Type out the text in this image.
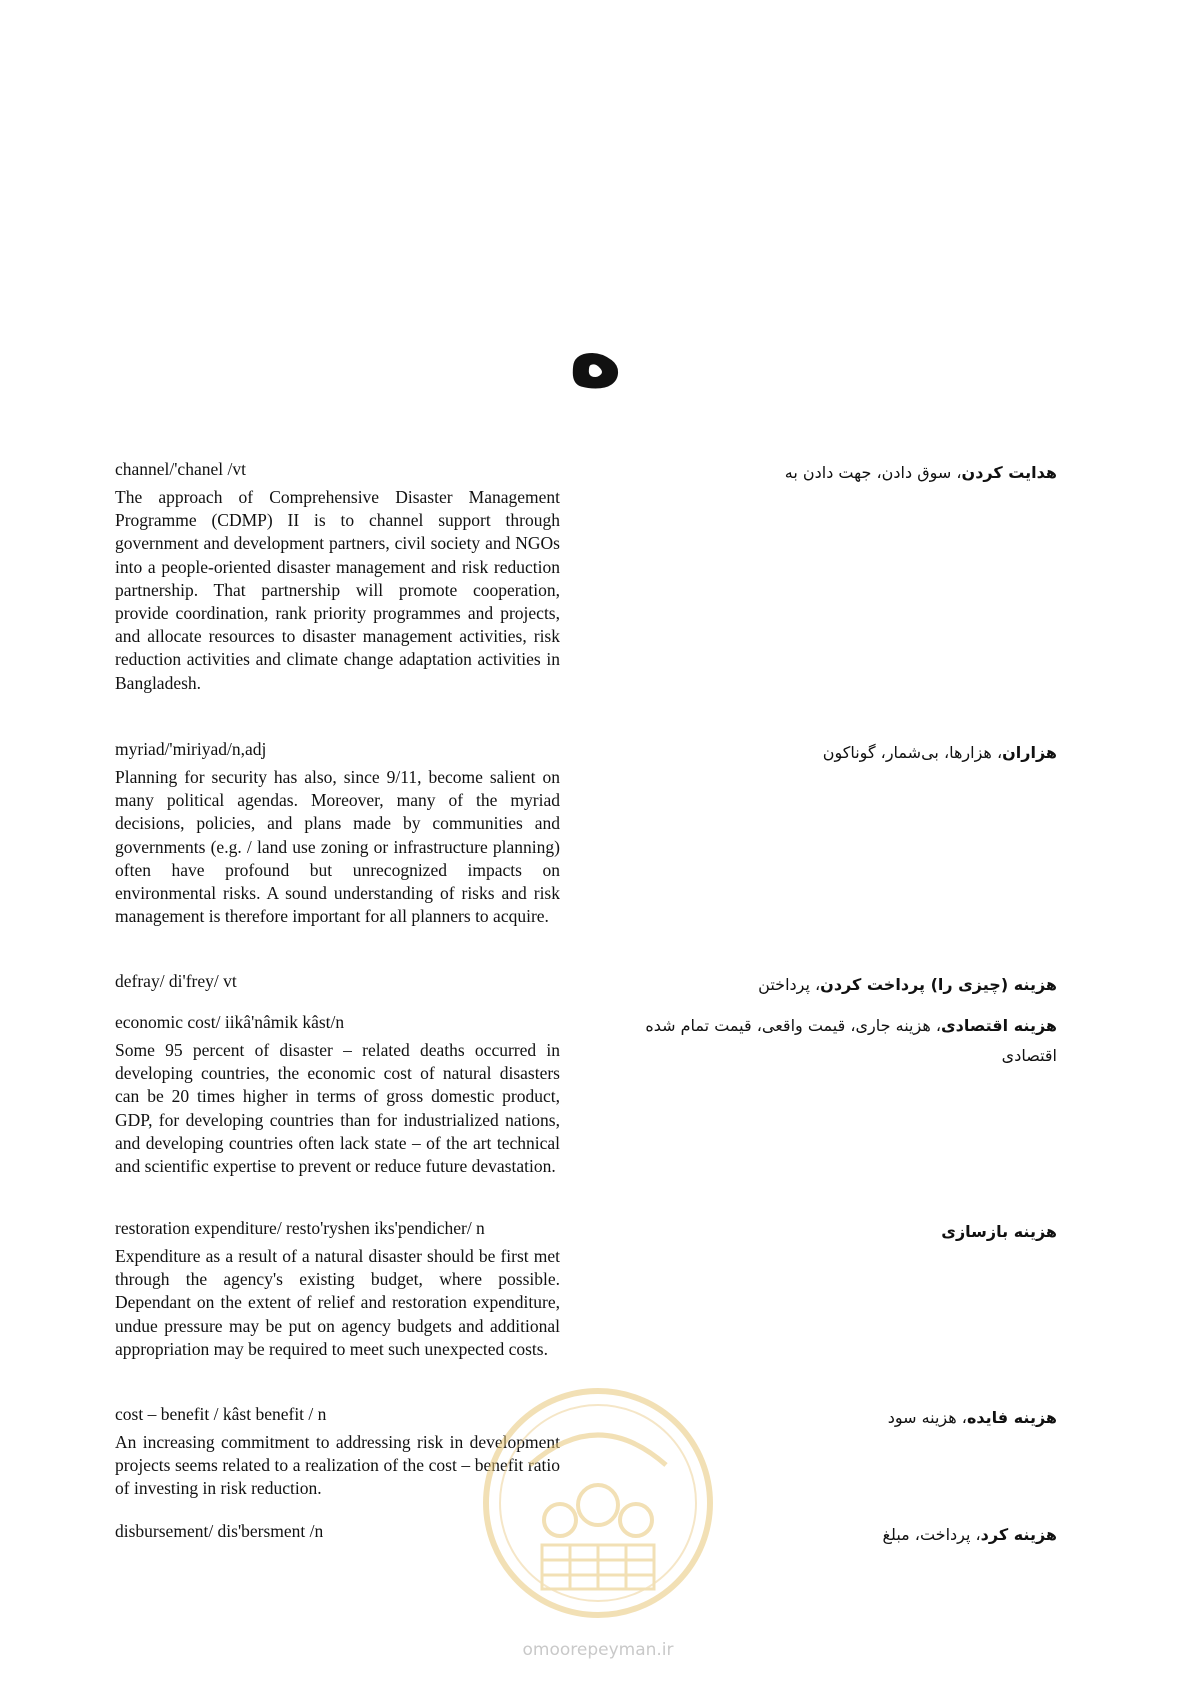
ه
channel/'chanel /vt
The approach of Comprehensive Disaster Management Programme (CDMP) II is to channel support through government and development partners, civil society and NGOs into a people-oriented disaster management and risk reduction partnership. That partnership will promote cooperation, provide coordination, rank priority programmes and projects, and allocate resources to disaster management activities, risk reduction activities and climate change adaptation activities in Bangladesh.
هدایت کردن، سوق دادن، جهت دادن به
myriad/'miriyad/n,adj
Planning for security has also, since 9/11, become salient on many political agendas. Moreover, many of the myriad decisions, policies, and plans made by communities and governments (e.g. / land use zoning or infrastructure planning) often have profound but unrecognized impacts on environmental risks. A sound understanding of risks and risk management is therefore important for all planners to acquire.
هزاران، هزارها، بی‌شمار، گوناکون
defray/ di'frey/ vt	هزینه (چیزی را) پرداخت کردن، پرداختن
economic cost/ iikâ'nâmik kâst/n
Some 95 percent of disaster – related deaths occurred in developing countries, the economic cost of natural disasters can be 20 times higher in terms of gross domestic product, GDP, for developing countries than for industrialized nations, and developing countries often lack state – of the art technical and scientific expertise to prevent or reduce future devastation.
هزینه اقتصادی، هزینه جاری، قیمت واقعی، قیمت تمام شده اقتصادی
restoration expenditure/ resto'ryshen iks'pendicher/ n
Expenditure as a result of a natural disaster should be first met through the agency's existing budget, where possible. Dependant on the extent of relief and restoration expenditure, undue pressure may be put on agency budgets and additional appropriation may be required to meet such unexpected costs.
هزینه بازسازی
cost – benefit / kâst benefit / n
An increasing commitment to addressing risk in development projects seems related to a realization of the cost – benefit ratio of investing in risk reduction.
هزینه فایده، هزینه سود
disbursement/ dis'bersment /n	هزینه کرد، پرداخت، مبلغ
omoorepeyman.ir
